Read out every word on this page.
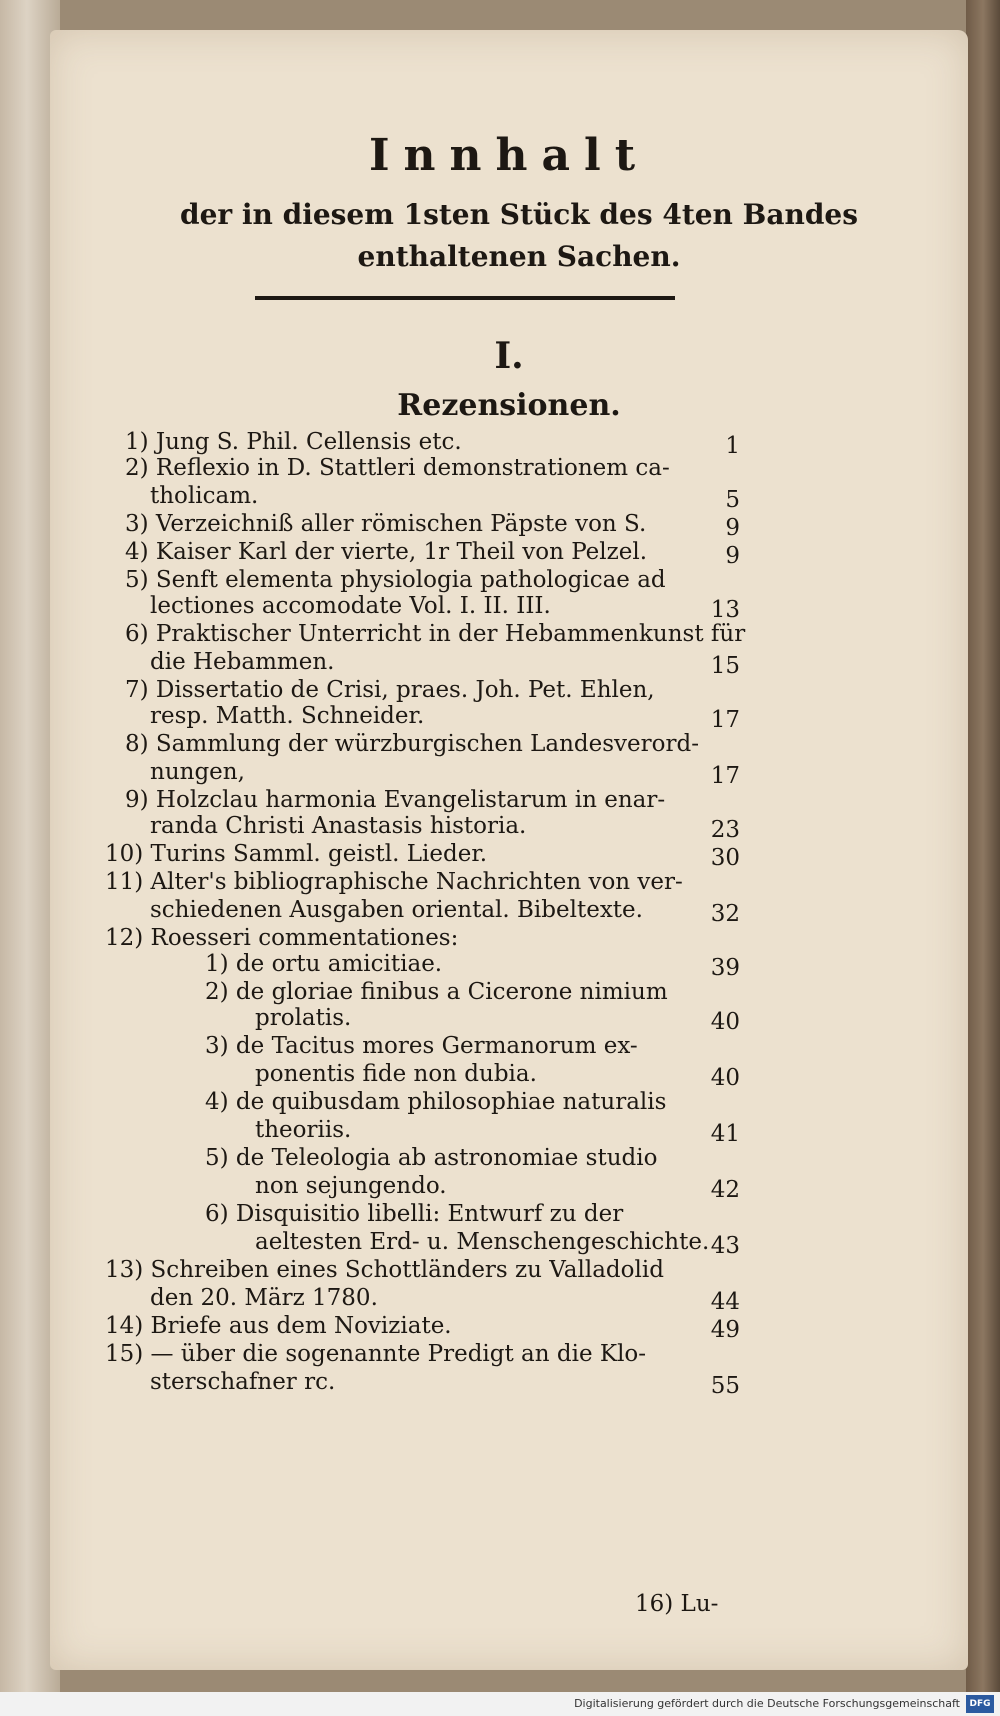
Innhalt
der in diesem 1sten Stück des 4ten Bandes
enthaltenen Sachen.
I.
Rezensionen.
1) Jung S. Phil. Cellensis etc.	1
2) Reflexio in D. Stattleri demonstrationem ca-
tholicam.	5
3) Verzeichniß aller römischen Päpste von S.	9
4) Kaiser Karl der vierte, 1r Theil von Pelzel.	9
5) Senft elementa physiologia pathologicae ad
lectiones accomodate Vol. I. II. III.	13
6) Praktischer Unterricht in der Hebammenkunst für
die Hebammen.	15
7) Dissertatio de Crisi, praes. Joh. Pet. Ehlen,
resp. Matth. Schneider.	17
8) Sammlung der würzburgischen Landesverord-
nungen,	17
9) Holzclau harmonia Evangelistarum in enar-
randa Christi Anastasis historia.	23
10) Turins Samml. geistl. Lieder.	30
11) Alter's bibliographische Nachrichten von ver-
schiedenen Ausgaben oriental. Bibeltexte.	32
12) Roesseri commentationes:
1) de ortu amicitiae.	39
2) de gloriae finibus a Cicerone nimium
prolatis.	40
3) de Tacitus mores Germanorum ex-
ponentis fide non dubia.	40
4) de quibusdam philosophiae naturalis
theoriis.	41
5) de Teleologia ab astronomiae studio
non sejungendo.	42
6) Disquisitio libelli: Entwurf zu der
aeltesten Erd- u. Menschengeschichte. 43
13) Schreiben eines Schottländers zu Valladolid
den 20. März 1780.	44
14) Briefe aus dem Noviziate.	49
15) — über die sogenannte Predigt an die Klo-
sterschafner rc.	55
16) Lu-
Digitalisierung gefördert durch die Deutsche Forschungsgemeinschaft	DFG
